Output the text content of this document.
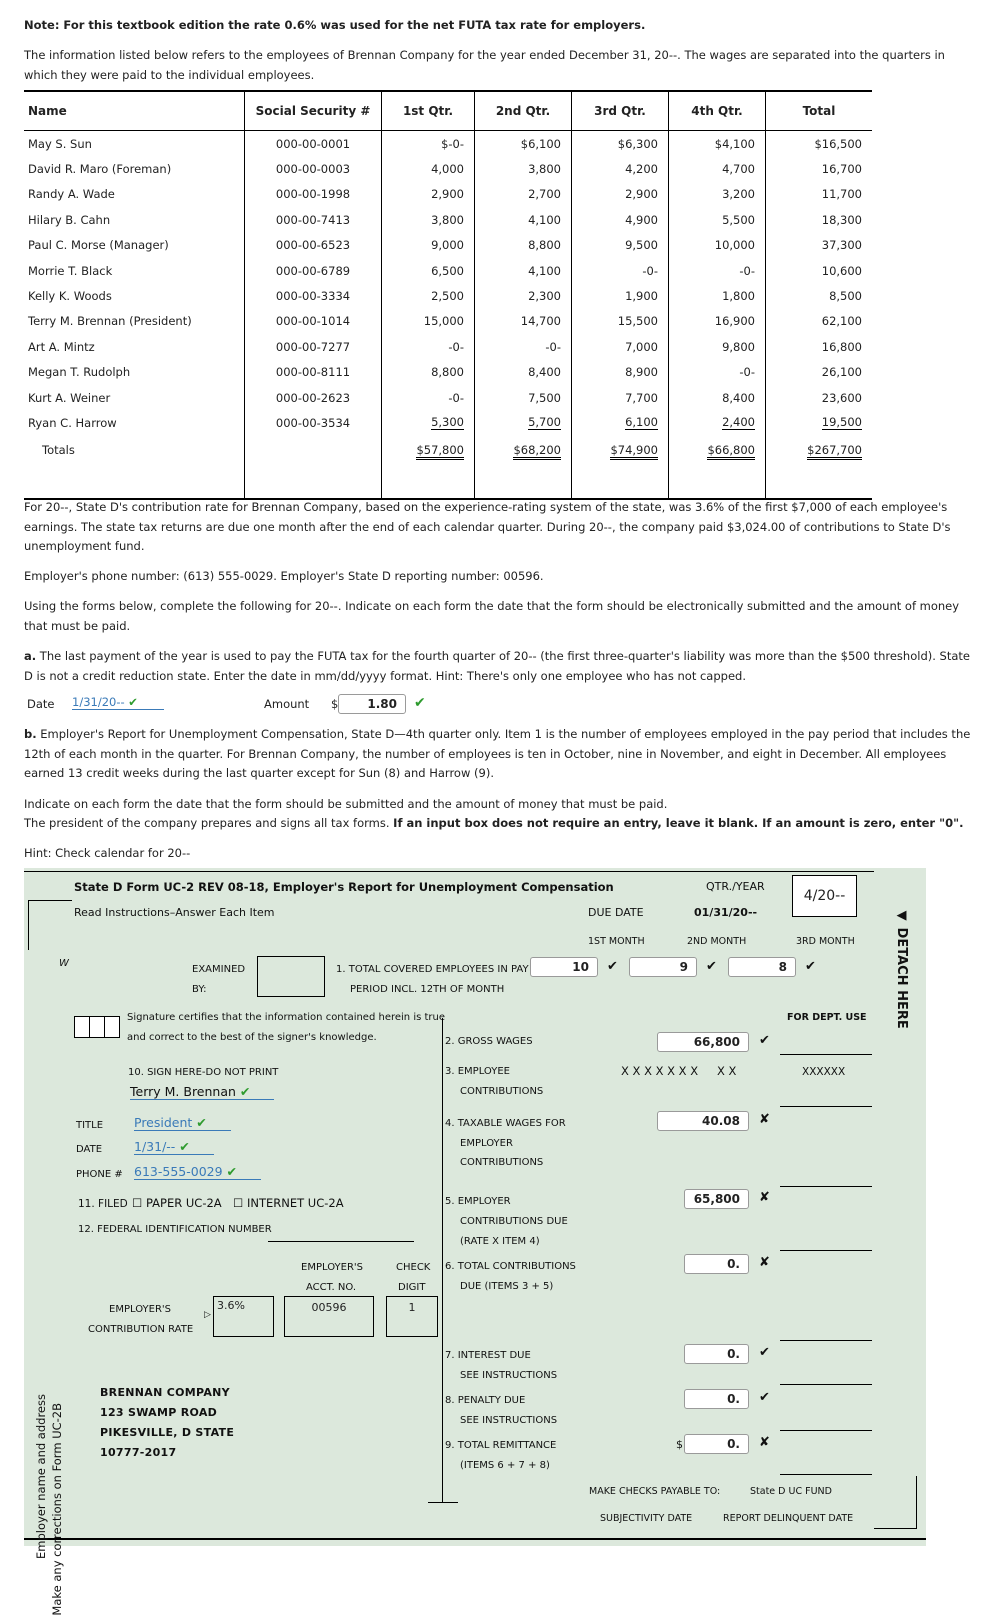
Note: For this textbook edition the rate 0.6% was used for the net FUTA tax rate for employers.

The information listed below refers to the employees of Brennan Company for the year ended December 31, 20--. The wages are separated into the quarters in which they were paid to the individual employees.

Name	Social Security #	1st Qtr.	2nd Qtr.	3rd Qtr.	4th Qtr.	Total
May S. Sun	000-00-0001	$-0-	$6,100	$6,300	$4,100	$16,500
David R. Maro (Foreman)	000-00-0003	4,000	3,800	4,200	4,700	16,700
Randy A. Wade	000-00-1998	2,900	2,700	2,900	3,200	11,700
Hilary B. Cahn	000-00-7413	3,800	4,100	4,900	5,500	18,300
Paul C. Morse (Manager)	000-00-6523	9,000	8,800	9,500	10,000	37,300
Morrie T. Black	000-00-6789	6,500	4,100	-0-	-0-	10,600
Kelly K. Woods	000-00-3334	2,500	2,300	1,900	1,800	8,500
Terry M. Brennan (President)	000-00-1014	15,000	14,700	15,500	16,900	62,100
Art A. Mintz	000-00-7277	-0-	-0-	7,000	9,800	16,800
Megan T. Rudolph	000-00-8111	8,800	8,400	8,900	-0-	26,100
Kurt A. Weiner	000-00-2623	-0-	7,500	7,700	8,400	23,600
Ryan C. Harrow	000-00-3534	5,300	5,700	6,100	2,400	19,500
Totals		$57,800	$68,200	$74,900	$66,800	$267,700

For 20--, State D's contribution rate for Brennan Company, based on the experience-rating system of the state, was 3.6% of the first $7,000 of each employee's earnings. The state tax returns are due one month after the end of each calendar quarter. During 20--, the company paid $3,024.00 of contributions to State D's unemployment fund.

Employer's phone number: (613) 555-0029. Employer's State D reporting number: 00596.

Using the forms below, complete the following for 20--. Indicate on each form the date that the form should be electronically submitted and the amount of money that must be paid.

a. The last payment of the year is used to pay the FUTA tax for the fourth quarter of 20-- (the first three-quarter's liability was more than the $500 threshold). State D is not a credit reduction state. Enter the date in mm/dd/yyyy format. Hint: There's only one employee who has not capped.

Date 1/31/20-- ✔	Amount $	1.80	✔

b. Employer's Report for Unemployment Compensation, State D—4th quarter only. Item 1 is the number of employees employed in the pay period that includes the 12th of each month in the quarter. For Brennan Company, the number of employees is ten in October, nine in November, and eight in December. All employees earned 13 credit weeks during the last quarter except for Sun (8) and Harrow (9).

Indicate on each form the date that the form should be submitted and the amount of money that must be paid.

The president of the company prepares and signs all tax forms. If an input box does not require an entry, leave it blank. If an amount is zero, enter "0".

Hint: Check calendar for 20--

State D Form UC-2 REV 08-18, Employer's Report for Unemployment Compensation
Read Instructions–Answer Each Item
QTR./YEAR
4/20--
DUE DATE	01/31/20--	◀ DETACH HERE
1ST MONTH	2ND MONTH	3RD MONTH
W
EXAMINED
BY:
1. TOTAL COVERED EMPLOYEES IN PAY
PERIOD INCL. 12TH OF MONTH
10	✔	9	✔	8	✔
Signature certifies that the information contained herein is true
and correct to the best of the signer's knowledge.
FOR DEPT. USE
2. GROSS WAGES	66,800	✔
3. EMPLOYEE
CONTRIBUTIONS
X X X X X X X X X	XXXXXX
10. SIGN HERE-DO NOT PRINT
Terry M. Brennan ✔
TITLE President ✔
DATE	1/31/-- ✔
PHONE # 613-555-0029 ✔
4. TAXABLE WAGES FOR
EMPLOYER
CONTRIBUTIONS
40.08	✘
11. FILED ☐ PAPER UC-2A ☐ INTERNET UC-2A
12. FEDERAL IDENTIFICATION NUMBER
5. EMPLOYER
CONTRIBUTIONS DUE
(RATE X ITEM 4)
65,800	✘
EMPLOYER'S
ACCT. NO.
CHECK
DIGIT
00596	1
6. TOTAL CONTRIBUTIONS
DUE (ITEMS 3 + 5)
0.	✘
EMPLOYER'S
CONTRIBUTION RATE
▷
3.6%
Employer name and address Make any corrections on Form UC-2B
7. INTEREST DUE
SEE INSTRUCTIONS
0.	✔
BRENNAN COMPANY
123 SWAMP ROAD
PIKESVILLE, D STATE
10777-2017
8. PENALTY DUE
SEE INSTRUCTIONS
0.	✔
9. TOTAL REMITTANCE
(ITEMS 6 + 7 + 8)
$	0.	✘
MAKE CHECKS PAYABLE TO:	State D UC FUND
SUBJECTIVITY DATE	REPORT DELINQUENT DATE
